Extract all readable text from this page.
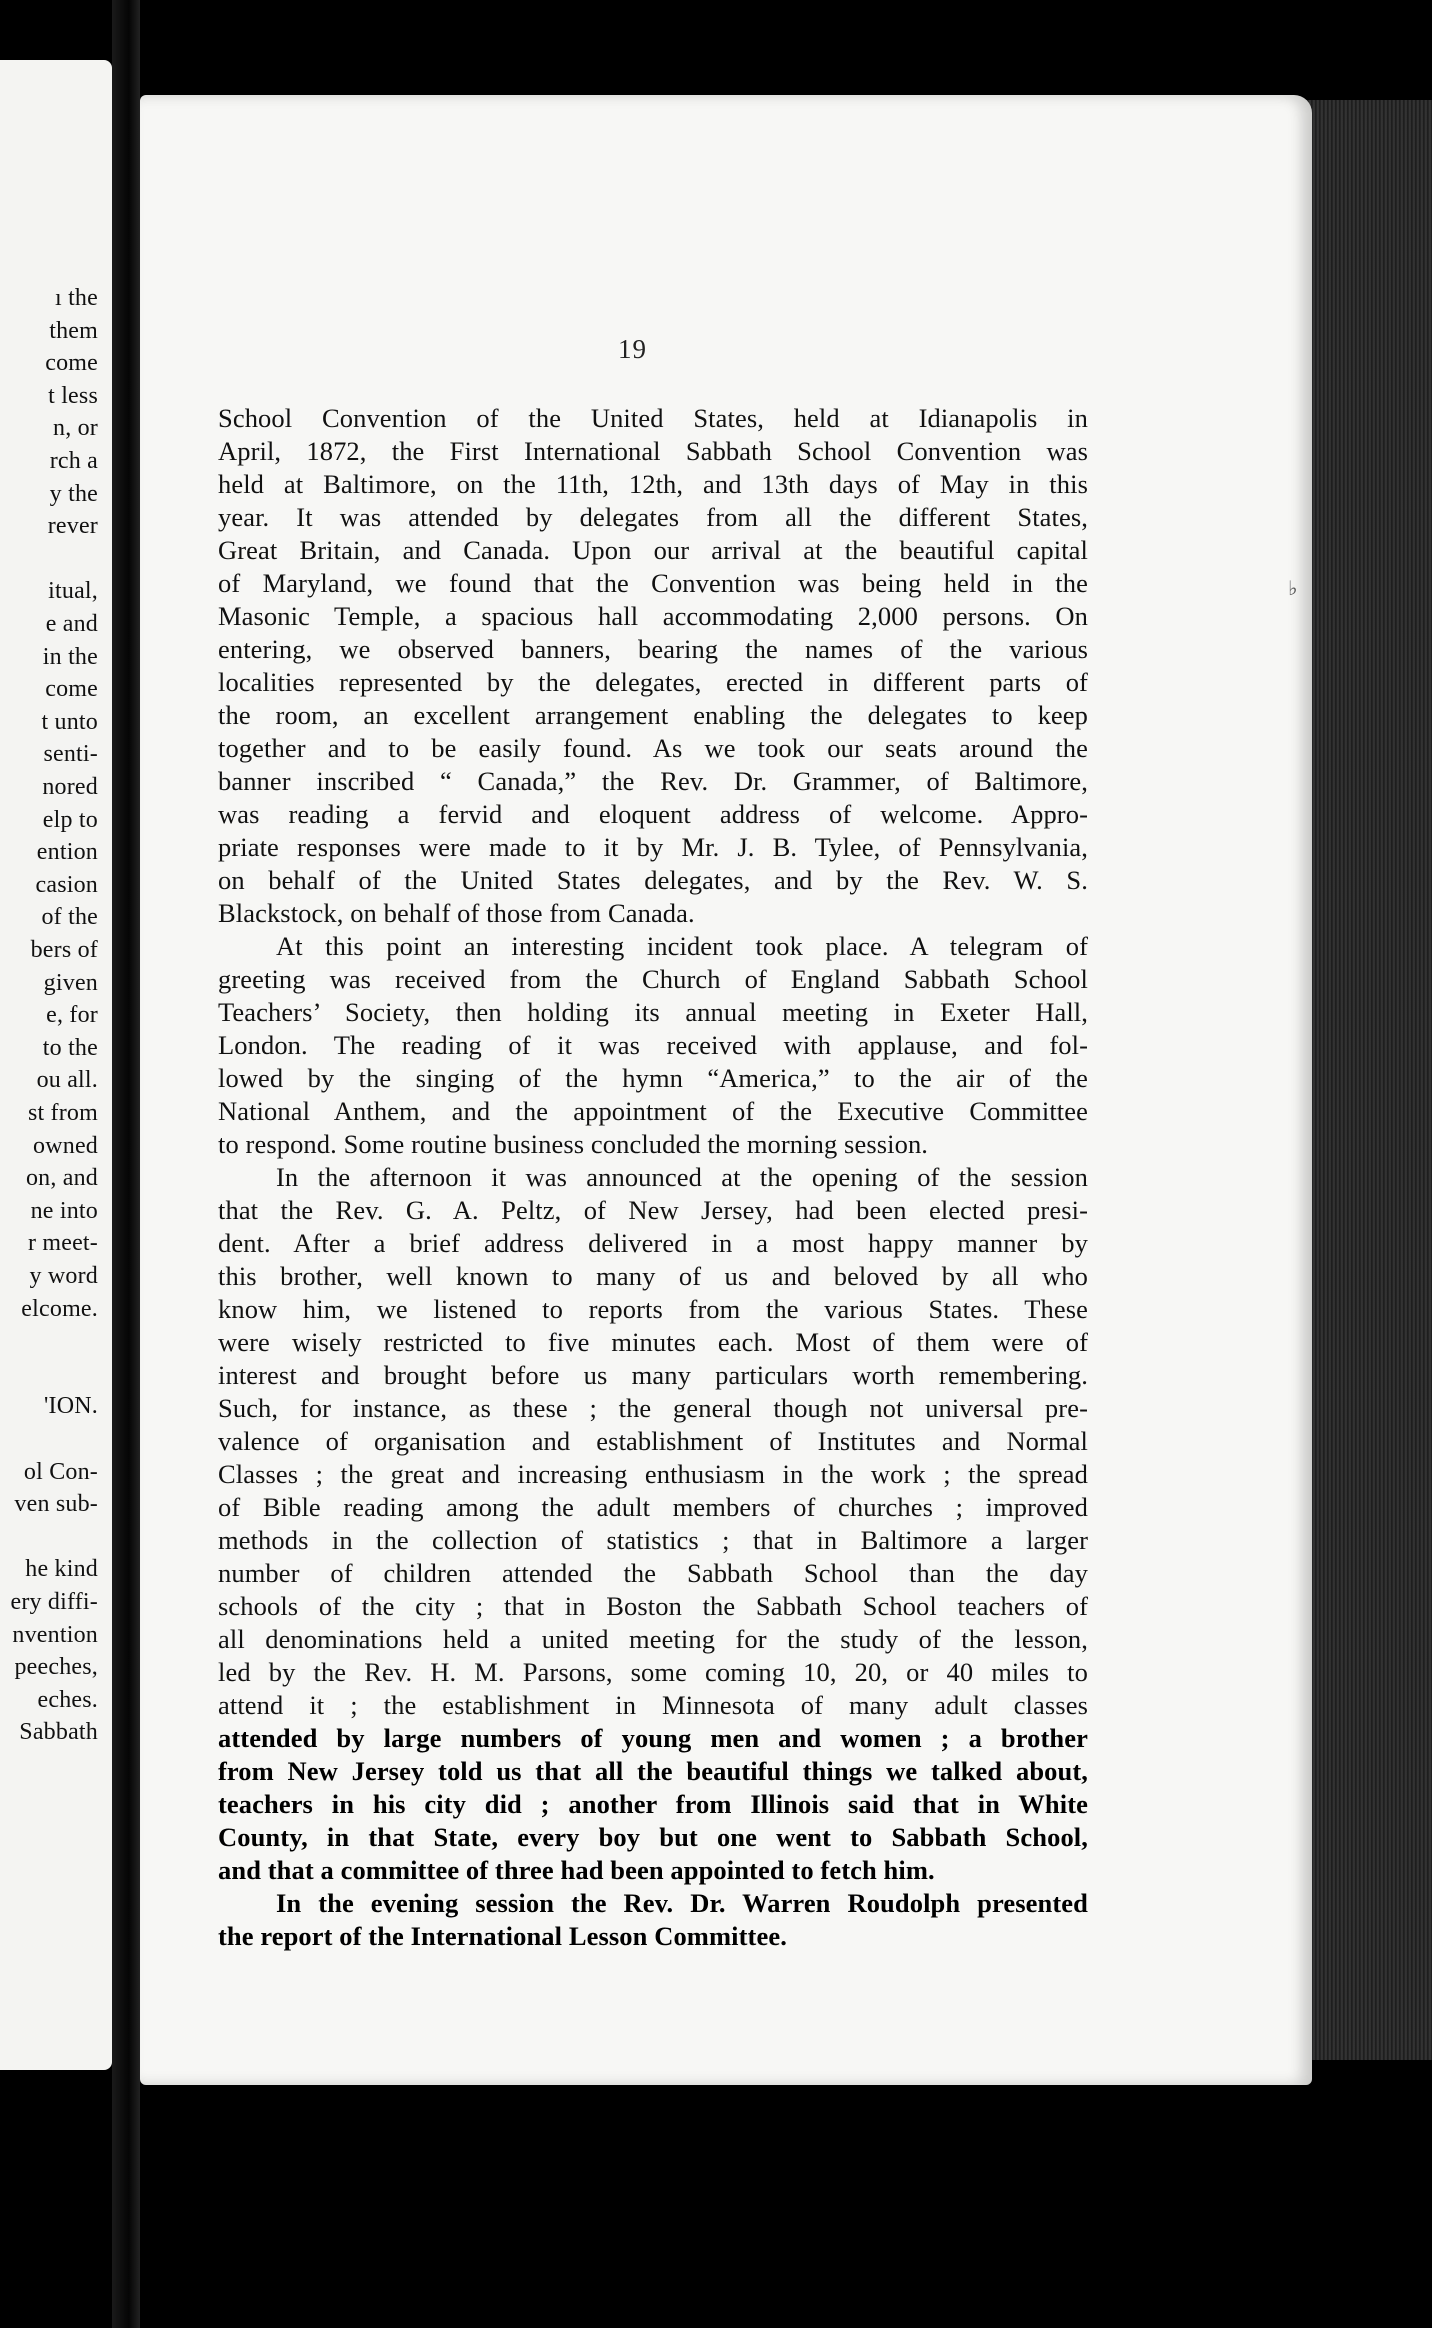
ı the
them
come
t less
n, or
rch a
y the
rever
itual,
e and
in the
come
t unto
senti-
nored
elp to
ention
casion
of the
bers of
given
e, for
to the
ou all.
st from
owned
on, and
ne into
r meet-
y word
elcome.
'ION.
ol Con-
ven sub-
he kind
ery diffi-
nvention
peeches,
eches.
Sabbath
19
♭
School Convention of the United States, held at Idianapolis in
April, 1872, the First International Sabbath School Convention was
held at Baltimore, on the 11th, 12th, and 13th days of May in this
year. It was attended by delegates from all the different States,
Great Britain, and Canada. Upon our arrival at the beautiful capital
of Maryland, we found that the Convention was being held in the
Masonic Temple, a spacious hall accommodating 2,000 persons. On
entering, we observed banners, bearing the names of the various
localities represented by the delegates, erected in different parts of
the room, an excellent arrangement enabling the delegates to keep
together and to be easily found. As we took our seats around the
banner inscribed “ Canada,” the Rev. Dr. Grammer, of Baltimore,
was reading a fervid and eloquent address of welcome. Appro-
priate responses were made to it by Mr. J. B. Tylee, of Pennsylvania,
on behalf of the United States delegates, and by the Rev. W. S.
Blackstock, on behalf of those from Canada.
At this point an interesting incident took place. A telegram of
greeting was received from the Church of England Sabbath School
Teachers’ Society, then holding its annual meeting in Exeter Hall,
London. The reading of it was received with applause, and fol-
lowed by the singing of the hymn “America,” to the air of the
National Anthem, and the appointment of the Executive Committee
to respond. Some routine business concluded the morning session.
In the afternoon it was announced at the opening of the session
that the Rev. G. A. Peltz, of New Jersey, had been elected presi-
dent. After a brief address delivered in a most happy manner by
this brother, well known to many of us and beloved by all who
know him, we listened to reports from the various States. These
were wisely restricted to five minutes each. Most of them were of
interest and brought before us many particulars worth remembering.
Such, for instance, as these ; the general though not universal pre-
valence of organisation and establishment of Institutes and Normal
Classes ; the great and increasing enthusiasm in the work ; the spread
of Bible reading among the adult members of churches ; improved
methods in the collection of statistics ; that in Baltimore a larger
number of children attended the Sabbath School than the day
schools of the city ; that in Boston the Sabbath School teachers of
all denominations held a united meeting for the study of the lesson,
led by the Rev. H. M. Parsons, some coming 10, 20, or 40 miles to
attend it ; the establishment in Minnesota of many adult classes
attended by large numbers of young men and women ; a brother
from New Jersey told us that all the beautiful things we talked about,
teachers in his city did ; another from Illinois said that in White
County, in that State, every boy but one went to Sabbath School,
and that a committee of three had been appointed to fetch him.
In the evening session the Rev. Dr. Warren Roudolph presented
the report of the International Lesson Committee.
